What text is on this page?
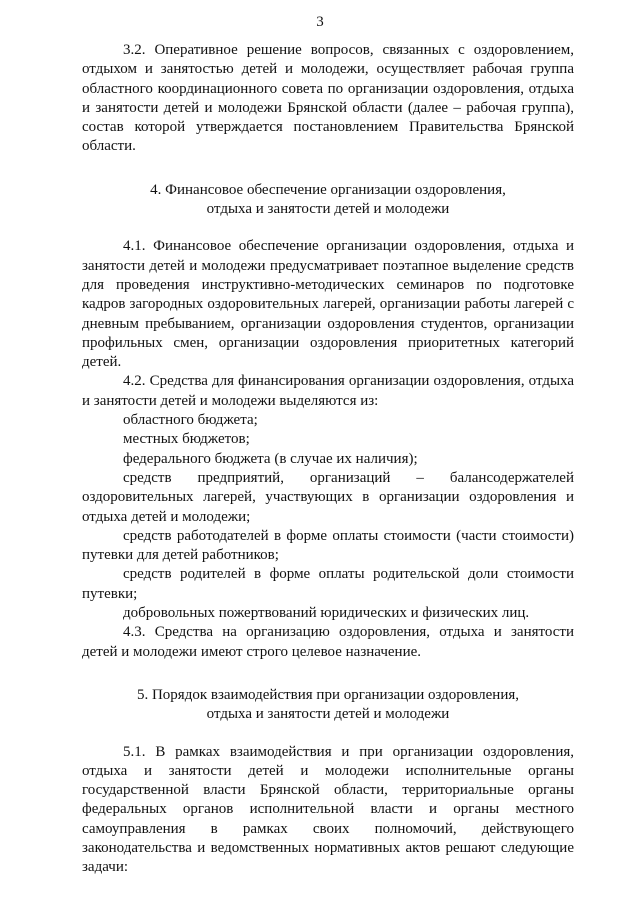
3

3.2. Оперативное решение вопросов, связанных с оздоровлением, отдыхом и занятостью детей и молодежи, осуществляет рабочая группа областного координационного совета по организации оздоровления, отдыха и занятости детей и молодежи Брянской области (далее – рабочая группа), состав которой утверждается постановлением Правительства Брянской области.

4. Финансовое обеспечение организации оздоровления,
отдыха и занятости детей и молодежи

4.1. Финансовое обеспечение организации оздоровления, отдыха и занятости детей и молодежи предусматривает поэтапное выделение средств для проведения инструктивно-методических семинаров по подготовке кадров загородных оздоровительных лагерей, организации работы лагерей с дневным пребыванием, организации оздоровления студентов, организации профильных смен, организации оздоровления приоритетных категорий детей.

4.2. Средства для финансирования организации оздоровления, отдыха и занятости детей и молодежи выделяются из:

областного бюджета;

местных бюджетов;

федерального бюджета (в случае их наличия);

средств предприятий, организаций – балансодержателей оздоровительных лагерей, участвующих в организации оздоровления и отдыха детей и молодежи;

средств работодателей в форме оплаты стоимости (части стоимости) путевки для детей работников;

средств родителей в форме оплаты родительской доли стоимости путевки;

добровольных пожертвований юридических и физических лиц.

4.3. Средства на организацию оздоровления, отдыха и занятости детей и молодежи имеют строго целевое назначение.

5. Порядок взаимодействия при организации оздоровления,
отдыха и занятости детей и молодежи

5.1. В рамках взаимодействия и при организации оздоровления, отдыха и занятости детей и молодежи исполнительные органы государственной власти Брянской области, территориальные органы федеральных органов исполнительной власти и органы местного самоуправления в рамках своих полномочий, действующего законодательства и ведомственных нормативных актов решают следующие задачи:
